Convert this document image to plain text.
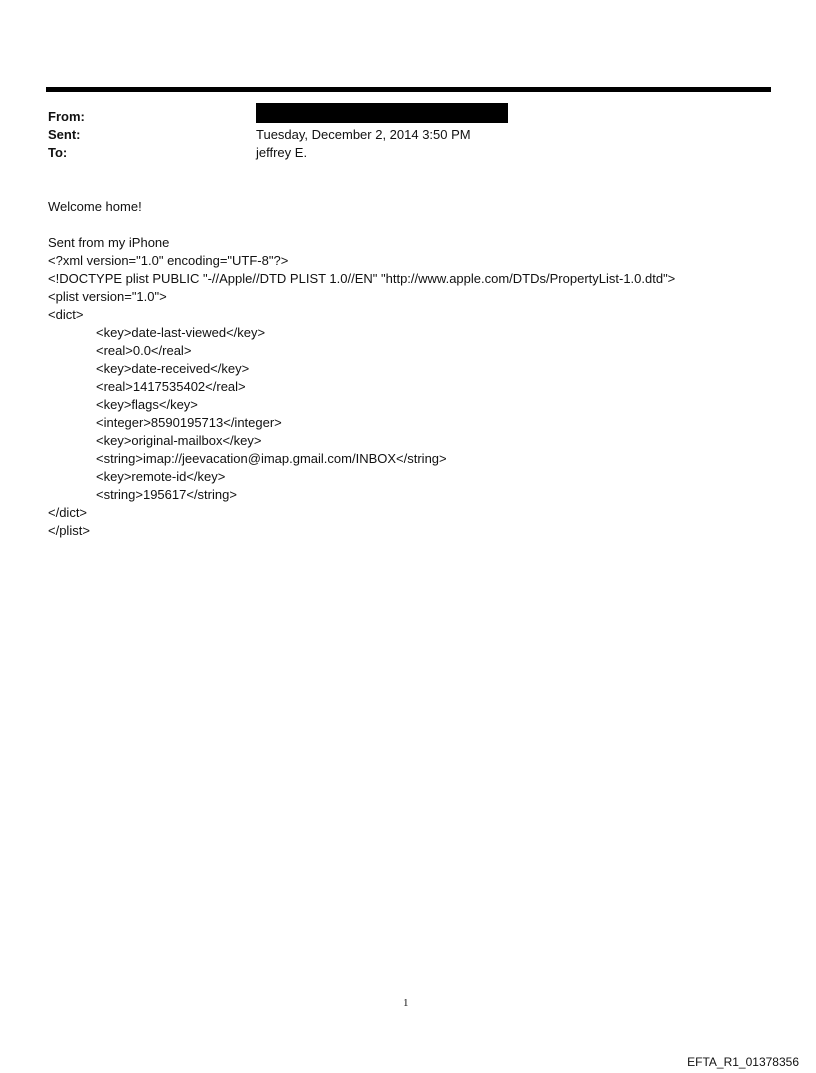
From:
Sent:	Tuesday, December 2, 2014 3:50 PM
To:	jeffrey E.
Welcome home!
Sent from my iPhone
<?xml version="1.0" encoding="UTF-8"?>
<!DOCTYPE plist PUBLIC "-//Apple//DTD PLIST 1.0//EN" "http://www.apple.com/DTDs/PropertyList-1.0.dtd">
<plist version="1.0">
<dict>
<key>date-last-viewed</key>
<real>0.0</real>
<key>date-received</key>
<real>1417535402</real>
<key>flags</key>
<integer>8590195713</integer>
<key>original-mailbox</key>
<string>imap://jeevacation@imap.gmail.com/INBOX</string>
<key>remote-id</key>
<string>195617</string>
</dict>
</plist>
1
EFTA_R1_01378356
